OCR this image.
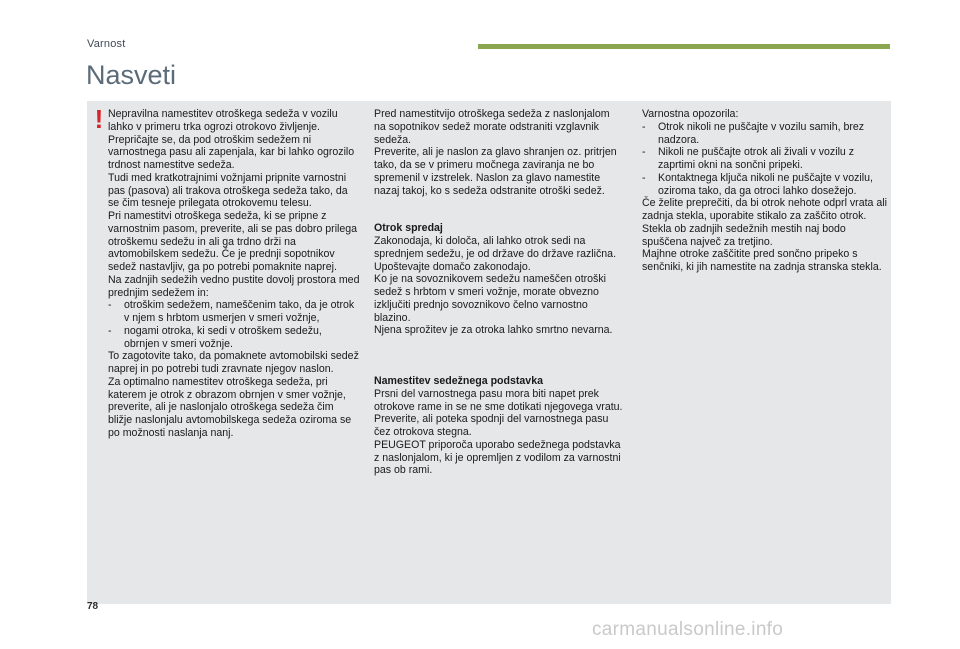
Varnost
Nasveti
! Nepravilna namestitev otroškega sedeža v vozilu lahko v primeru trka ogrozi otrokovo življenje.

Prepričajte se, da pod otroškim sedežem ni varnostnega pasu ali zapenjala, kar bi lahko ogrozilo trdnost namestitve sedeža.

Tudi med kratkotrajnimi vožnjami pripnite varnostni pas (pasova) ali trakova otroškega sedeža tako, da se čim tesneje prilegata otrokovemu telesu.

Pri namestitvi otroškega sedeža, ki se pripne z varnostnim pasom, preverite, ali se pas dobro prilega otroškemu sedežu in ali ga trdno drži na avtomobilskem sedežu. Če je prednji sopotnikov sedež nastavljiv, ga po potrebi pomaknite naprej.

Na zadnjih sedežih vedno pustite dovolj prostora med prednjim sedežem in:

- otroškim sedežem, nameščenim tako, da je otrok v njem s hrbtom usmerjen v smeri vožnje,

- nogami otroka, ki sedi v otroškem sedežu, obrnjen v smeri vožnje.

To zagotovite tako, da pomaknete avtomobilski sedež naprej in po potrebi tudi zravnate njegov naslon.

Za optimalno namestitev otroškega sedeža, pri katerem je otrok z obrazom obrnjen v smer vožnje, preverite, ali je naslonjalo otroškega sedeža čim bližje naslonjalu avtomobilskega sedeža oziroma se po možnosti naslanja nanj.

Pred namestitvijo otroškega sedeža z naslonjalom na sopotnikov sedež morate odstraniti vzglavnik sedeža.

Preverite, ali je naslon za glavo shranjen oz. pritrjen tako, da se v primeru močnega zaviranja ne bo spremenil v izstrelek. Naslon za glavo namestite nazaj takoj, ko s sedeža odstranite otroški sedež.

Otrok spredaj

Zakonodaja, ki določa, ali lahko otrok sedi na sprednjem sedežu, je od države do države različna. Upoštevajte domačo zakonodajo.

Ko je na sovoznikovem sedežu nameščen otroški sedež s hrbtom v smeri vožnje, morate obvezno izključiti prednjo sovoznikovo čelno varnostno blazino.

Njena sprožitev je za otroka lahko smrtno nevarna.

Namestitev sedežnega podstavka

Prsni del varnostnega pasu mora biti napet prek otrokove rame in se ne sme dotikati njegovega vratu.

Preverite, ali poteka spodnji del varnostnega pasu čez otrokova stegna.

PEUGEOT priporoča uporabo sedežnega podstavka z naslonjalom, ki je opremljen z vodilom za varnostni pas ob rami.

Varnostna opozorila:

- Otrok nikoli ne puščajte v vozilu samih, brez nadzora.

- Nikoli ne puščajte otrok ali živali v vozilu z zaprtimi okni na sončni pripeki.

- Kontaktnega ključa nikoli ne puščajte v vozilu, oziroma tako, da ga otroci lahko dosežejo.

Če želite preprečiti, da bi otrok nehote odprl vrata ali zadnja stekla, uporabite stikalo za zaščito otrok.

Stekla ob zadnjih sedežnih mestih naj bodo spuščena največ za tretjino.

Majhne otroke zaščitite pred sončno pripeko s senčniki, ki jih namestite na zadnja stranska stekla.

78
carmanualsonline.info
